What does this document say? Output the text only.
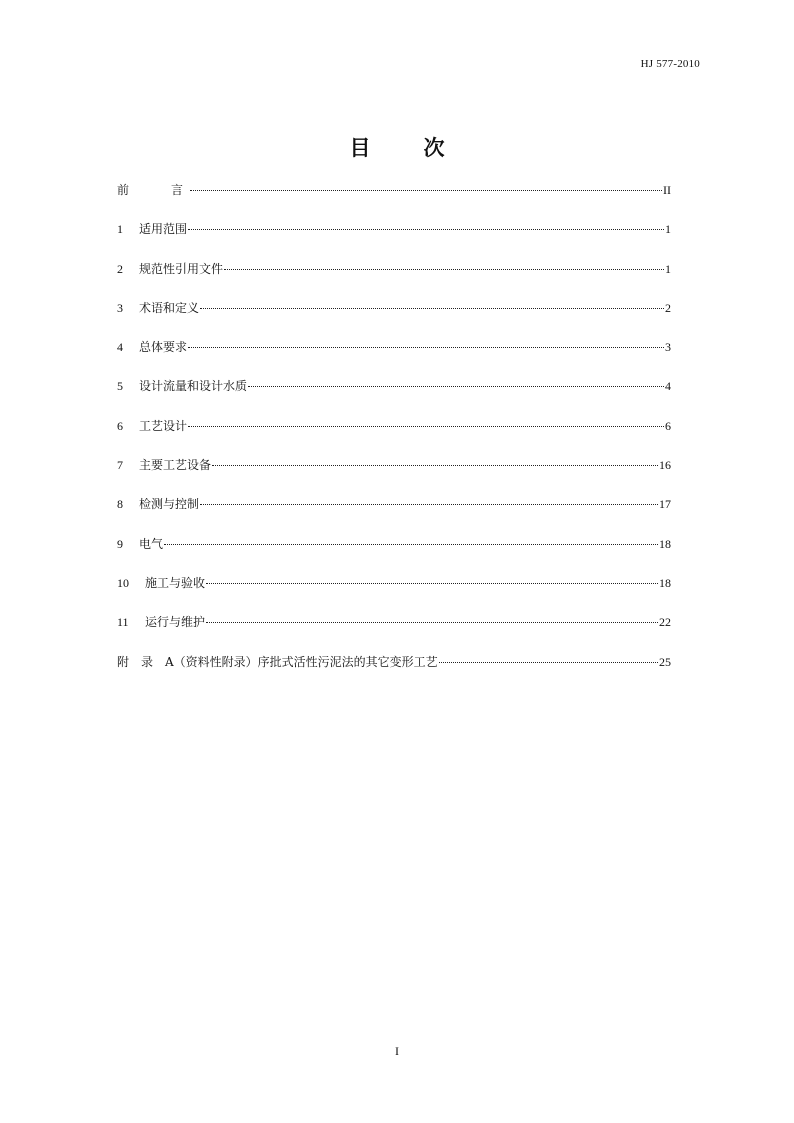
HJ 577-2010
目　次
前　　言	II
1	适用范围	1
2	规范性引用文件	1
3	术语和定义	2
4	总体要求	3
5	设计流量和设计水质	4
6	工艺设计	6
7	主要工艺设备	16
8	检测与控制	17
9	电气	18
10	施工与验收	18
11	运行与维护	22
附　录　A（资料性附录）序批式活性污泥法的其它变形工艺	25
I
